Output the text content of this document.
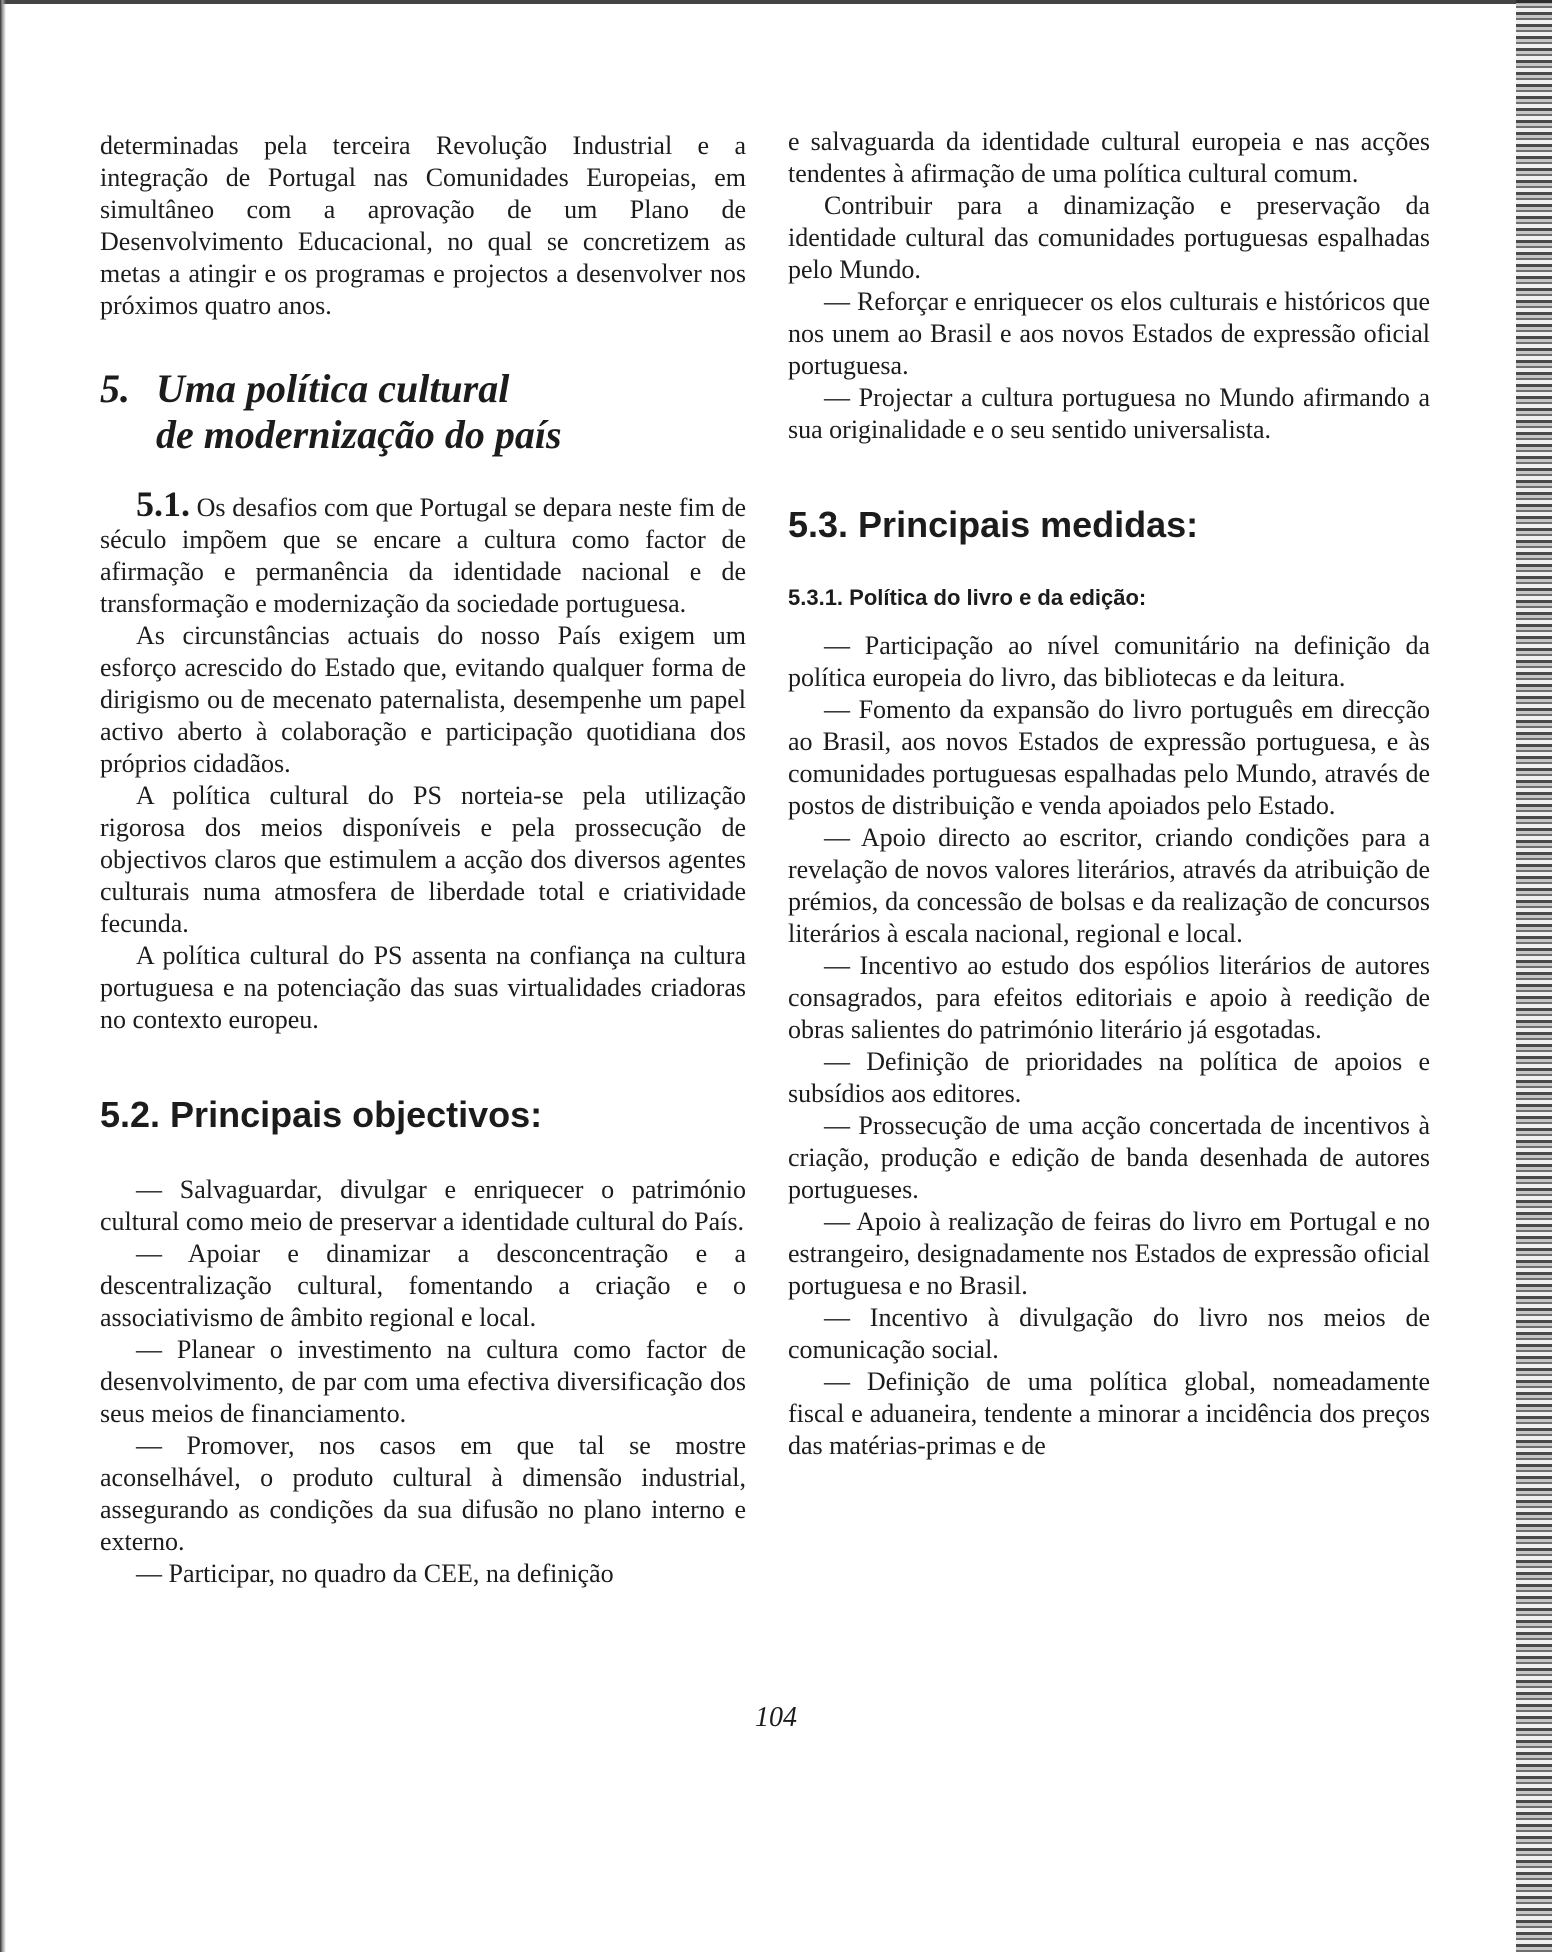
determinadas pela terceira Revolução Industrial e a integração de Portugal nas Comunidades Europeias, em simultâneo com a aprovação de um Plano de Desenvolvimento Educacional, no qual se concretizem as metas a atingir e os programas e projectos a desenvolver nos próximos quatro anos.

5. Uma política cultural
de modernização do país

5.1. Os desafios com que Portugal se depara neste fim de século impõem que se encare a cultura como factor de afirmação e permanência da identidade nacional e de transformação e modernização da sociedade portuguesa.

As circunstâncias actuais do nosso País exigem um esforço acrescido do Estado que, evitando qualquer forma de dirigismo ou de mecenato paternalista, desempenhe um papel activo aberto à colaboração e participação quotidiana dos próprios cidadãos.

A política cultural do PS norteia-se pela utilização rigorosa dos meios disponíveis e pela prossecução de objectivos claros que estimulem a acção dos diversos agentes culturais numa atmosfera de liberdade total e criatividade fecunda.

A política cultural do PS assenta na confiança na cultura portuguesa e na potenciação das suas virtualidades criadoras no contexto europeu.

5.2. Principais objectivos:

— Salvaguardar, divulgar e enriquecer o património cultural como meio de preservar a identidade cultural do País.

— Apoiar e dinamizar a desconcentração e a descentralização cultural, fomentando a criação e o associativismo de âmbito regional e local.

— Planear o investimento na cultura como factor de desenvolvimento, de par com uma efectiva diversificação dos seus meios de financiamento.

— Promover, nos casos em que tal se mostre aconselhável, o produto cultural à dimensão industrial, assegurando as condições da sua difusão no plano interno e externo.

— Participar, no quadro da CEE, na definição

e salvaguarda da identidade cultural europeia e nas acções tendentes à afirmação de uma política cultural comum.

Contribuir para a dinamização e preservação da identidade cultural das comunidades portuguesas espalhadas pelo Mundo.

— Reforçar e enriquecer os elos culturais e históricos que nos unem ao Brasil e aos novos Estados de expressão oficial portuguesa.

— Projectar a cultura portuguesa no Mundo afirmando a sua originalidade e o seu sentido universalista.

5.3. Principais medidas:
5.3.1. Política do livro e da edição:

— Participação ao nível comunitário na definição da política europeia do livro, das bibliotecas e da leitura.

— Fomento da expansão do livro português em direcção ao Brasil, aos novos Estados de expressão portuguesa, e às comunidades portuguesas espalhadas pelo Mundo, através de postos de distribuição e venda apoiados pelo Estado.

— Apoio directo ao escritor, criando condições para a revelação de novos valores literários, através da atribuição de prémios, da concessão de bolsas e da realização de concursos literários à escala nacional, regional e local.

— Incentivo ao estudo dos espólios literários de autores consagrados, para efeitos editoriais e apoio à reedição de obras salientes do património literário já esgotadas.

— Definição de prioridades na política de apoios e subsídios aos editores.

— Prossecução de uma acção concertada de incentivos à criação, produção e edição de banda desenhada de autores portugueses.

— Apoio à realização de feiras do livro em Portugal e no estrangeiro, designadamente nos Estados de expressão oficial portuguesa e no Brasil.

— Incentivo à divulgação do livro nos meios de comunicação social.

— Definição de uma política global, nomeadamente fiscal e aduaneira, tendente a minorar a incidência dos preços das matérias-primas e de

104
